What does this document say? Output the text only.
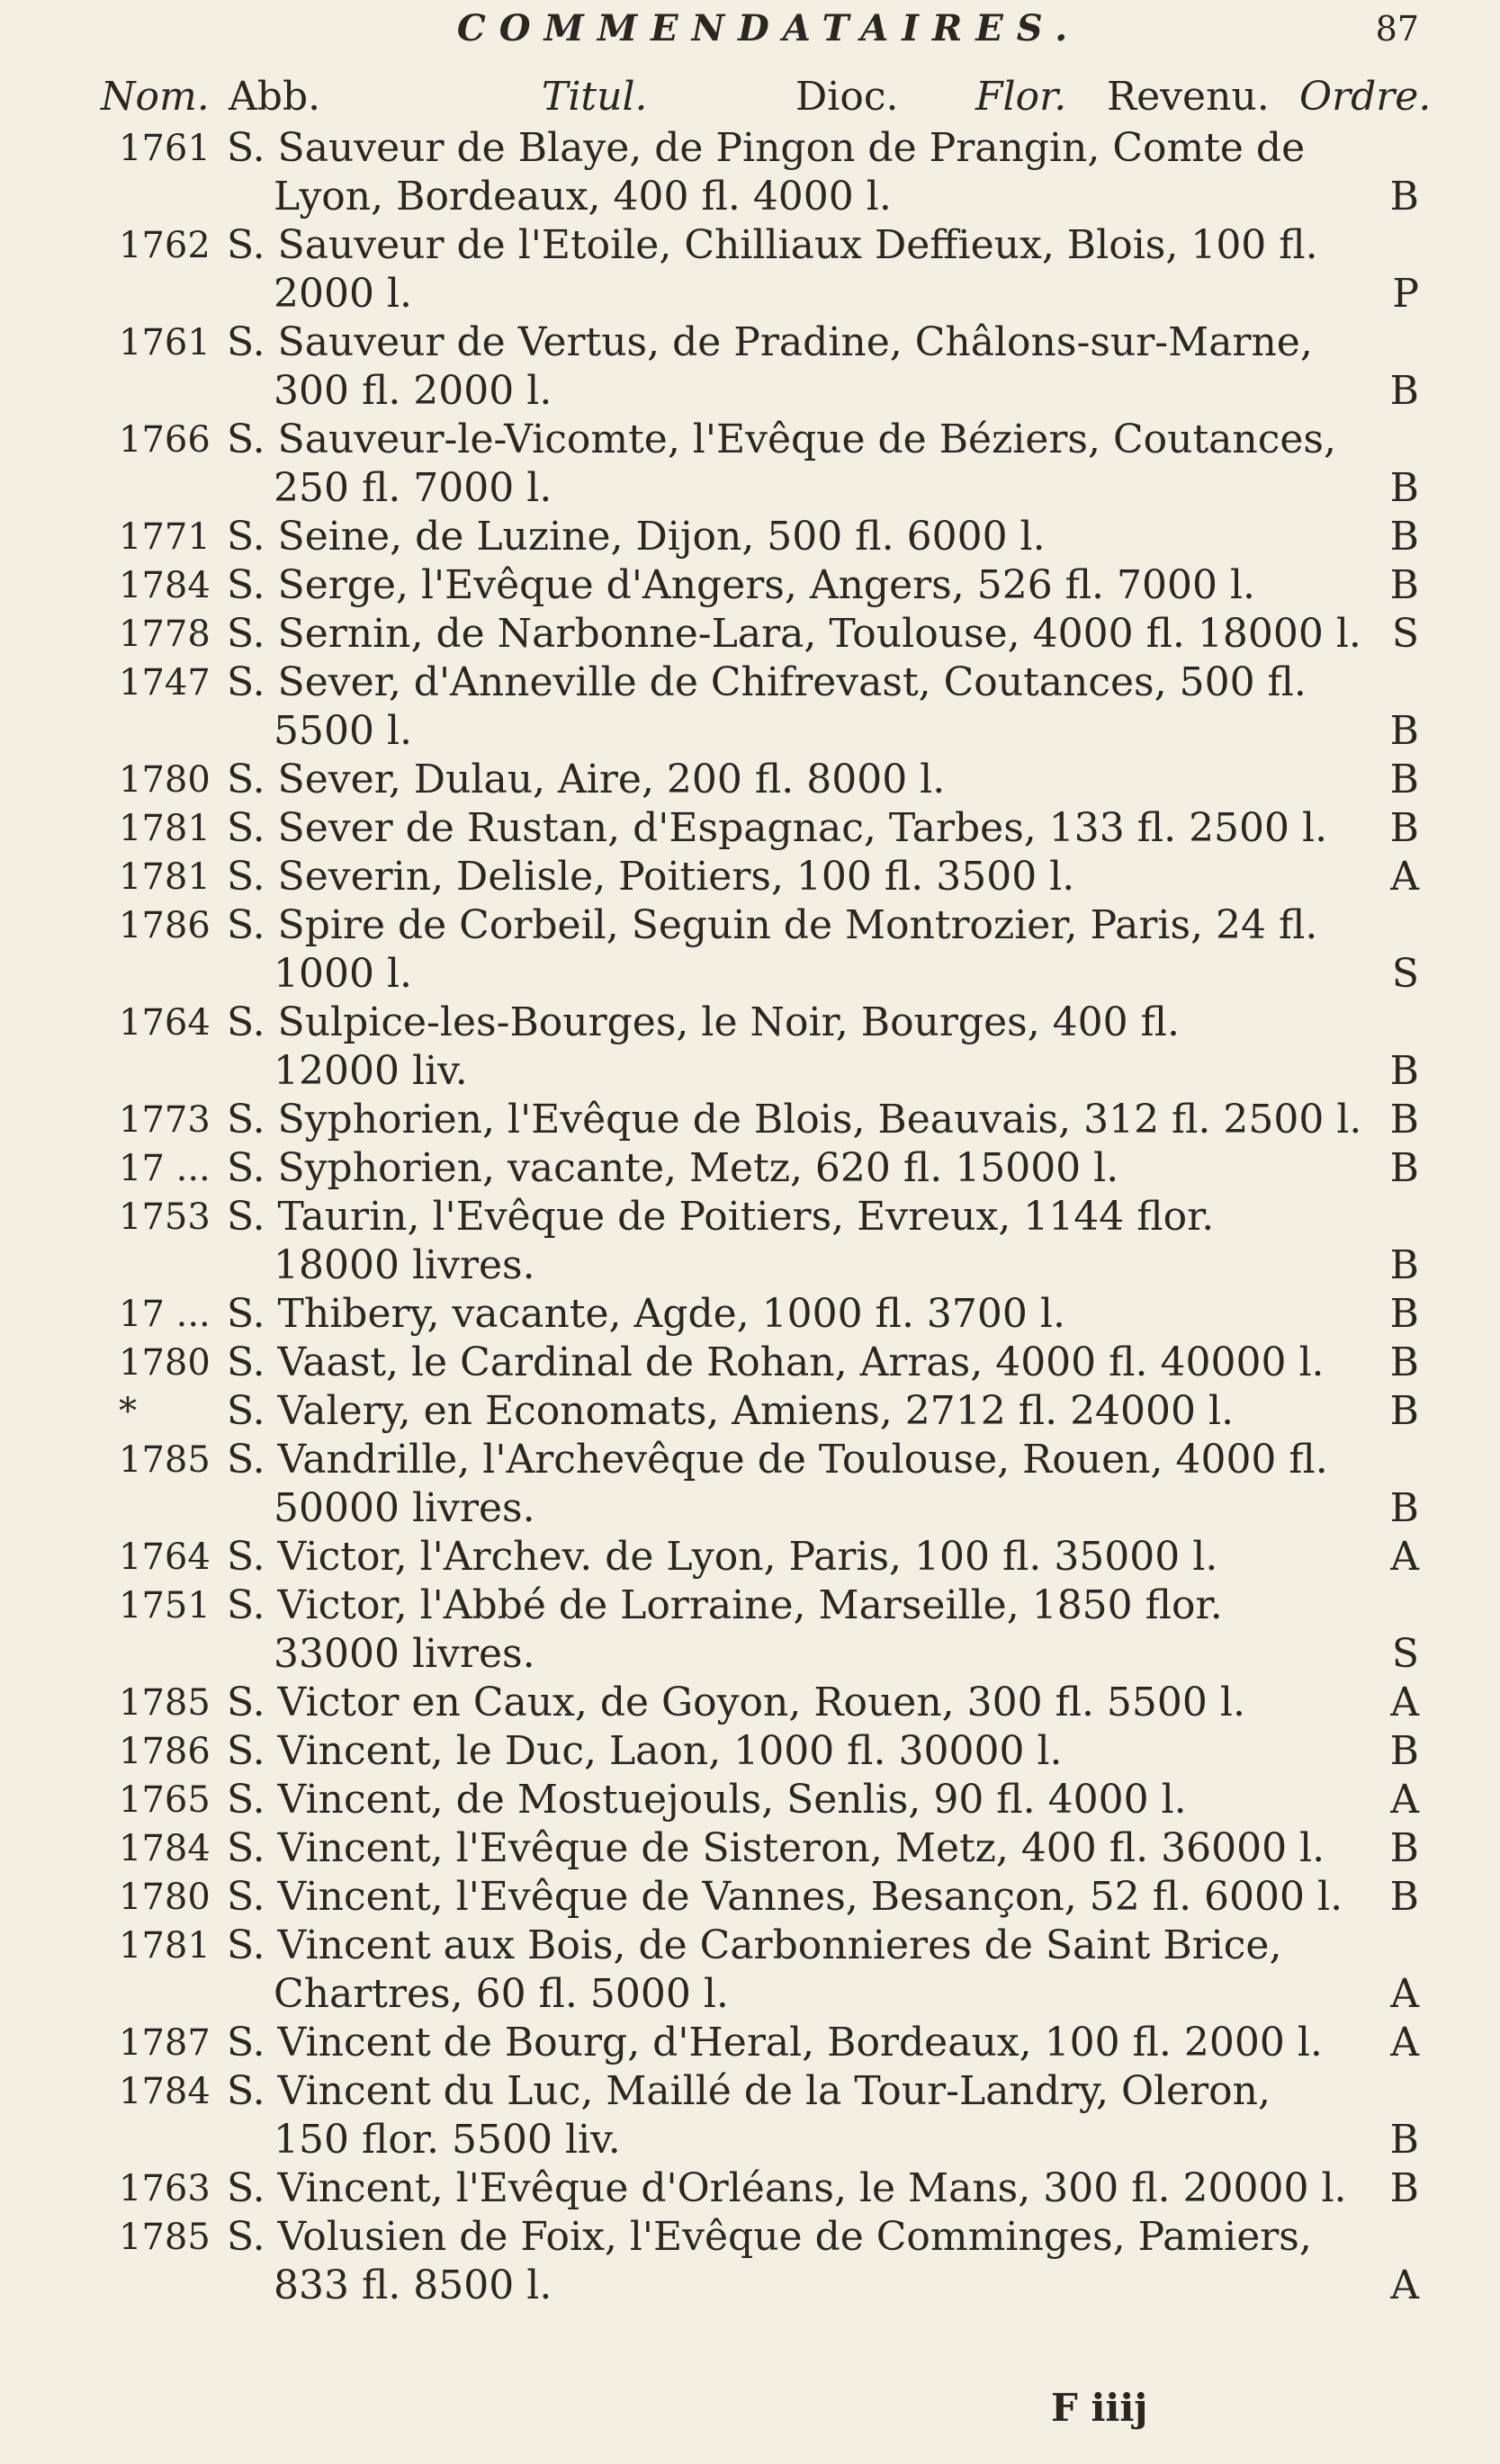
COMMENDATAIRES.	87
Nom. Abb.	Titul.	Dioc. Flor. Revenu. Ordre.
1761 S. Sauveur de Blaye, de Pingon de Prangin, Comte de
Lyon, Bordeaux, 400 fl. 4000 l.	B
1762 S. Sauveur de l'Etoile, Chilliaux Deffieux, Blois, 100 fl.
2000 l.	P
1761 S. Sauveur de Vertus, de Pradine, Châlons-sur-Marne,
300 fl. 2000 l.	B
1766 S. Sauveur-le-Vicomte, l'Evêque de Béziers, Coutances,
250 fl. 7000 l.	B
1771 S. Seine, de Luzine, Dijon, 500 fl. 6000 l.	B
1784 S. Serge, l'Evêque d'Angers, Angers, 526 fl. 7000 l.	B
1778 S. Sernin, de Narbonne-Lara, Toulouse, 4000 fl. 18000 l. S
1747 S. Sever, d'Anneville de Chifrevast, Coutances, 500 fl.
5500 l.	B
1780 S. Sever, Dulau, Aire, 200 fl. 8000 l.	B
1781 S. Sever de Rustan, d'Espagnac, Tarbes, 133 fl. 2500 l.	B
1781 S. Severin, Delisle, Poitiers, 100 fl. 3500 l.	A
1786 S. Spire de Corbeil, Seguin de Montrozier, Paris, 24 fl.
1000 l.	S
1764 S. Sulpice-les-Bourges, le Noir, Bourges, 400 fl.
12000 liv.	B
1773 S. Syphorien, l'Evêque de Blois, Beauvais, 312 fl. 2500 l. B
17 ... S. Syphorien, vacante, Metz, 620 fl. 15000 l.	B
1753 S. Taurin, l'Evêque de Poitiers, Evreux, 1144 flor.
18000 livres.	B
17 ... S. Thibery, vacante, Agde, 1000 fl. 3700 l.	B
1780 S. Vaast, le Cardinal de Rohan, Arras, 4000 fl. 40000 l.	B
*	S. Valery, en Economats, Amiens, 2712 fl. 24000 l.	B
1785 S. Vandrille, l'Archevêque de Toulouse, Rouen, 4000 fl.
50000 livres.	B
1764 S. Victor, l'Archev. de Lyon, Paris, 100 fl. 35000 l.	A
1751 S. Victor, l'Abbé de Lorraine, Marseille, 1850 flor.
33000 livres.	S
1785 S. Victor en Caux, de Goyon, Rouen, 300 fl. 5500 l.	A
1786 S. Vincent, le Duc, Laon, 1000 fl. 30000 l.	B
1765 S. Vincent, de Mostuejouls, Senlis, 90 fl. 4000 l.	A
1784 S. Vincent, l'Evêque de Sisteron, Metz, 400 fl. 36000 l.	B
1780 S. Vincent, l'Evêque de Vannes, Besançon, 52 fl. 6000 l.	B
1781 S. Vincent aux Bois, de Carbonnieres de Saint Brice,
Chartres, 60 fl. 5000 l.	A
1787 S. Vincent de Bourg, d'Heral, Bordeaux, 100 fl. 2000 l.	A
1784 S. Vincent du Luc, Maillé de la Tour-Landry, Oleron,
150 flor. 5500 liv.	B
1763 S. Vincent, l'Evêque d'Orléans, le Mans, 300 fl. 20000 l.	B
1785 S. Volusien de Foix, l'Evêque de Comminges, Pamiers,
833 fl. 8500 l.	A
F iiij
